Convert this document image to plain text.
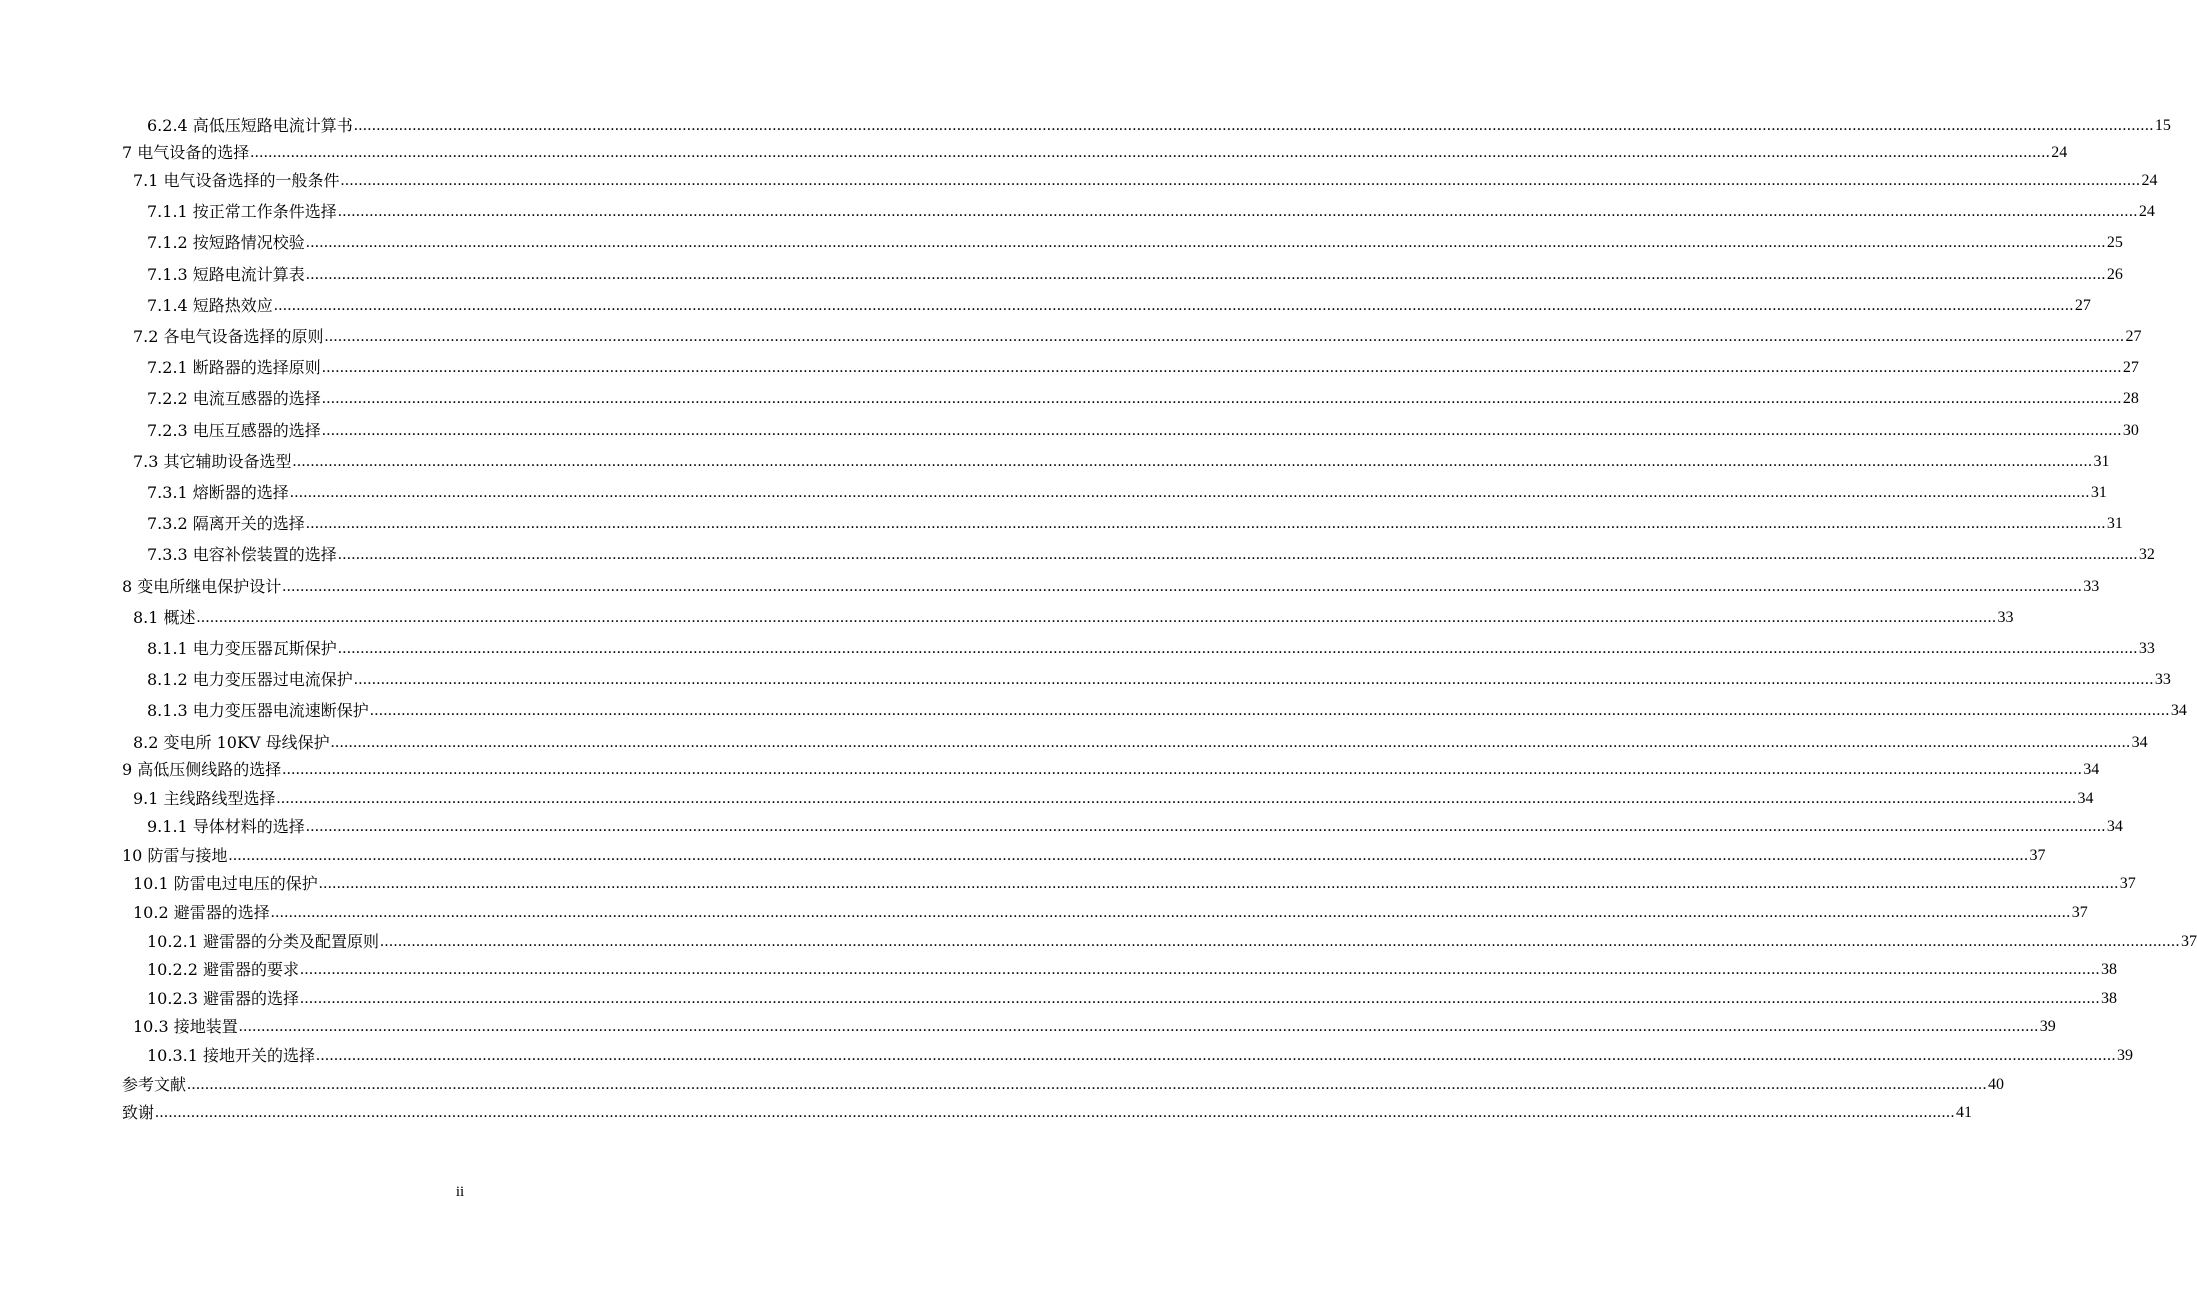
6.2.4 高低压短路电流计算书 ................................................................................................................................................................................................................................................................................................................................................................................................................ 15
7 电气设备的选择 ................................................................................................................................................................................................................................................................................................................................................................................................................ 24
7.1 电气设备选择的一般条件 ................................................................................................................................................................................................................................................................................................................................................................................................................ 24
7.1.1 按正常工作条件选择 ................................................................................................................................................................................................................................................................................................................................................................................................................ 24
7.1.2 按短路情况校验 ................................................................................................................................................................................................................................................................................................................................................................................................................ 25
7.1.3 短路电流计算表 ................................................................................................................................................................................................................................................................................................................................................................................................................ 26
7.1.4 短路热效应 ................................................................................................................................................................................................................................................................................................................................................................................................................ 27
7.2 各电气设备选择的原则 ................................................................................................................................................................................................................................................................................................................................................................................................................ 27
7.2.1 断路器的选择原则 ................................................................................................................................................................................................................................................................................................................................................................................................................ 27
7.2.2 电流互感器的选择 ................................................................................................................................................................................................................................................................................................................................................................................................................ 28
7.2.3 电压互感器的选择 ................................................................................................................................................................................................................................................................................................................................................................................................................ 30
7.3 其它辅助设备选型 ................................................................................................................................................................................................................................................................................................................................................................................................................ 31
7.3.1 熔断器的选择 ................................................................................................................................................................................................................................................................................................................................................................................................................ 31
7.3.2 隔离开关的选择 ................................................................................................................................................................................................................................................................................................................................................................................................................ 31
7.3.3 电容补偿装置的选择 ................................................................................................................................................................................................................................................................................................................................................................................................................ 32
8 变电所继电保护设计 ................................................................................................................................................................................................................................................................................................................................................................................................................ 33
8.1 概述 ................................................................................................................................................................................................................................................................................................................................................................................................................ 33
8.1.1 电力变压器瓦斯保护 ................................................................................................................................................................................................................................................................................................................................................................................................................ 33
8.1.2 电力变压器过电流保护 ................................................................................................................................................................................................................................................................................................................................................................................................................ 33
8.1.3 电力变压器电流速断保护 ................................................................................................................................................................................................................................................................................................................................................................................................................ 34
8.2 变电所 10KV 母线保护 ................................................................................................................................................................................................................................................................................................................................................................................................................ 34
9 高低压侧线路的选择 ................................................................................................................................................................................................................................................................................................................................................................................................................ 34
9.1 主线路线型选择 ................................................................................................................................................................................................................................................................................................................................................................................................................ 34
9.1.1 导体材料的选择 ................................................................................................................................................................................................................................................................................................................................................................................................................ 34
10 防雷与接地 ................................................................................................................................................................................................................................................................................................................................................................................................................ 37
10.1 防雷电过电压的保护 ................................................................................................................................................................................................................................................................................................................................................................................................................ 37
10.2 避雷器的选择 ................................................................................................................................................................................................................................................................................................................................................................................................................ 37
10.2.1 避雷器的分类及配置原则 ................................................................................................................................................................................................................................................................................................................................................................................................................ 37
10.2.2 避雷器的要求 ................................................................................................................................................................................................................................................................................................................................................................................................................ 38
10.2.3 避雷器的选择 ................................................................................................................................................................................................................................................................................................................................................................................................................ 38
10.3 接地装置 ................................................................................................................................................................................................................................................................................................................................................................................................................ 39
10.3.1 接地开关的选择 ................................................................................................................................................................................................................................................................................................................................................................................................................ 39
参考文献 ................................................................................................................................................................................................................................................................................................................................................................................................................ 40
致谢 ................................................................................................................................................................................................................................................................................................................................................................................................................ 41
ii
